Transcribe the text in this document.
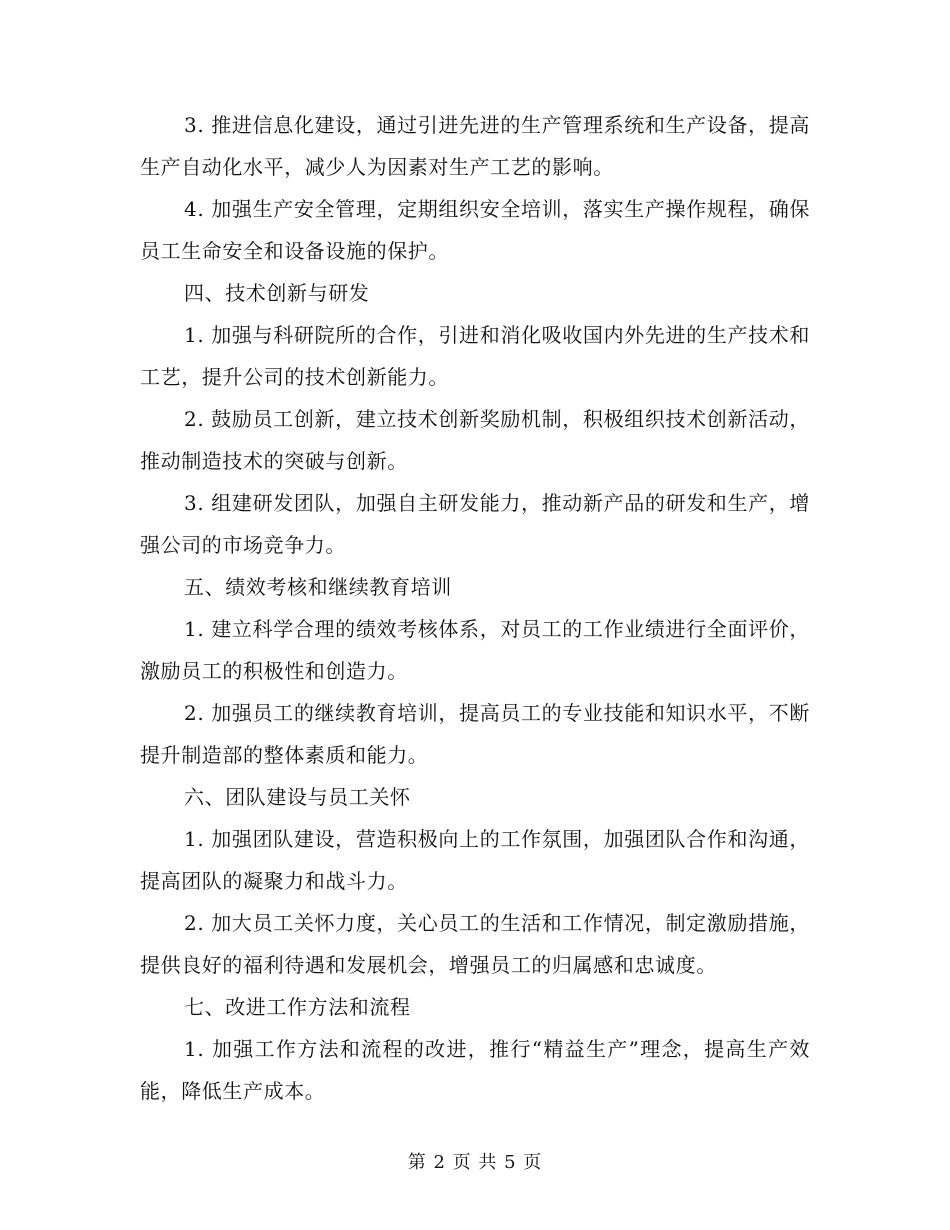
3. 推进信息化建设，通过引进先进的生产管理系统和生产设备，提高生产自动化水平，减少人为因素对生产工艺的影响。

4. 加强生产安全管理，定期组织安全培训，落实生产操作规程，确保员工生命安全和设备设施的保护。

四、技术创新与研发

1. 加强与科研院所的合作，引进和消化吸收国内外先进的生产技术和工艺，提升公司的技术创新能力。

2. 鼓励员工创新，建立技术创新奖励机制，积极组织技术创新活动，推动制造技术的突破与创新。

3. 组建研发团队，加强自主研发能力，推动新产品的研发和生产，增强公司的市场竞争力。

五、绩效考核和继续教育培训

1. 建立科学合理的绩效考核体系，对员工的工作业绩进行全面评价，激励员工的积极性和创造力。

2. 加强员工的继续教育培训，提高员工的专业技能和知识水平，不断提升制造部的整体素质和能力。

六、团队建设与员工关怀

1. 加强团队建设，营造积极向上的工作氛围，加强团队合作和沟通，提高团队的凝聚力和战斗力。

2. 加大员工关怀力度，关心员工的生活和工作情况，制定激励措施，提供良好的福利待遇和发展机会，增强员工的归属感和忠诚度。

七、改进工作方法和流程

1. 加强工作方法和流程的改进，推行“精益生产”理念，提高生产效能，降低生产成本。

第 2 页 共 5 页
